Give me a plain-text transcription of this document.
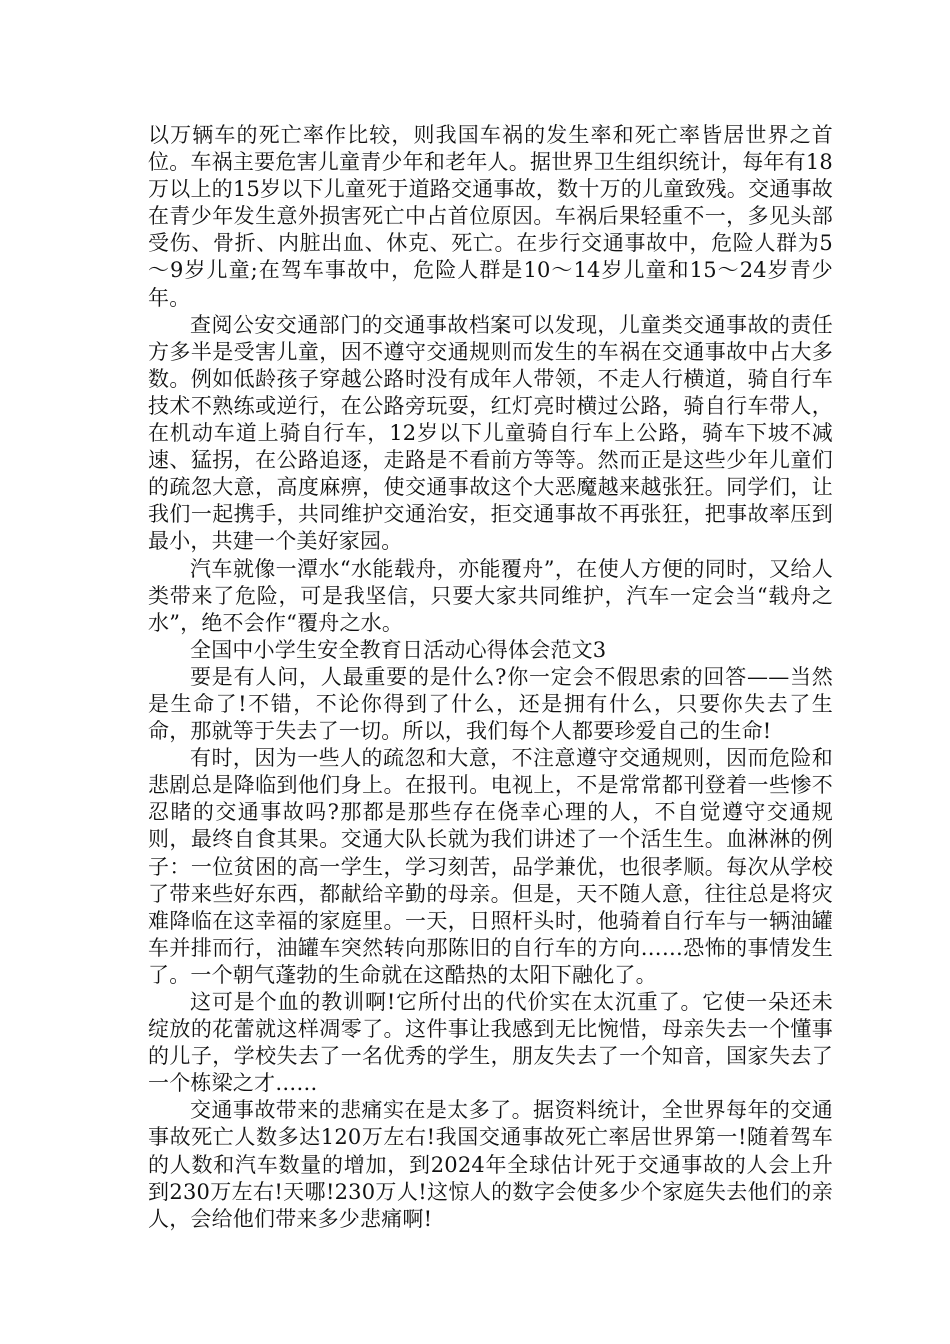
以万辆车的死亡率作比较，则我国车祸的发生率和死亡率皆居世界之首位。车祸主要危害儿童青少年和老年人。据世界卫生组织统计，每年有18万以上的15岁以下儿童死于道路交通事故，数十万的儿童致残。交通事故在青少年发生意外损害死亡中占首位原因。车祸后果轻重不一，多见头部受伤、骨折、内脏出血、休克、死亡。在步行交通事故中，危险人群为5～9岁儿童;在驾车事故中，危险人群是10～14岁儿童和15～24岁青少年。

查阅公安交通部门的交通事故档案可以发现，儿童类交通事故的责任方多半是受害儿童，因不遵守交通规则而发生的车祸在交通事故中占大多数。例如低龄孩子穿越公路时没有成年人带领，不走人行横道，骑自行车技术不熟练或逆行，在公路旁玩耍，红灯亮时横过公路，骑自行车带人，在机动车道上骑自行车，12岁以下儿童骑自行车上公路，骑车下坡不减速、猛拐，在公路追逐，走路是不看前方等等。然而正是这些少年儿童们的疏忽大意，高度麻痹，使交通事故这个大恶魔越来越张狂。同学们，让我们一起携手，共同维护交通治安，拒交通事故不再张狂，把事故率压到最小，共建一个美好家园。

汽车就像一潭水“水能载舟，亦能覆舟”，在使人方便的同时，又给人类带来了危险，可是我坚信，只要大家共同维护，汽车一定会当“载舟之水”，绝不会作“覆舟之水。

全国中小学生安全教育日活动心得体会范文3

要是有人问，人最重要的是什么?你一定会不假思索的回答——当然是生命了!不错，不论你得到了什么，还是拥有什么，只要你失去了生命，那就等于失去了一切。所以，我们每个人都要珍爱自己的生命!

有时，因为一些人的疏忽和大意，不注意遵守交通规则，因而危险和悲剧总是降临到他们身上。在报刊。电视上，不是常常都刊登着一些惨不忍睹的交通事故吗?那都是那些存在侥幸心理的人，不自觉遵守交通规则，最终自食其果。交通大队长就为我们讲述了一个活生生。血淋淋的例子：一位贫困的高一学生，学习刻苦，品学兼优，也很孝顺。每次从学校了带来些好东西，都献给辛勤的母亲。但是，天不随人意，往往总是将灾难降临在这幸福的家庭里。一天，日照杆头时，他骑着自行车与一辆油罐车并排而行，油罐车突然转向那陈旧的自行车的方向……恐怖的事情发生了。一个朝气蓬勃的生命就在这酷热的太阳下融化了。

这可是个血的教训啊!它所付出的代价实在太沉重了。它使一朵还未绽放的花蕾就这样凋零了。这件事让我感到无比惋惜，母亲失去一个懂事的儿子，学校失去了一名优秀的学生，朋友失去了一个知音，国家失去了一个栋梁之才……

交通事故带来的悲痛实在是太多了。据资料统计，全世界每年的交通事故死亡人数多达120万左右!我国交通事故死亡率居世界第一!随着驾车的人数和汽车数量的增加，到2024年全球估计死于交通事故的人会上升到230万左右!天哪!230万人!这惊人的数字会使多少个家庭失去他们的亲人，会给他们带来多少悲痛啊!
